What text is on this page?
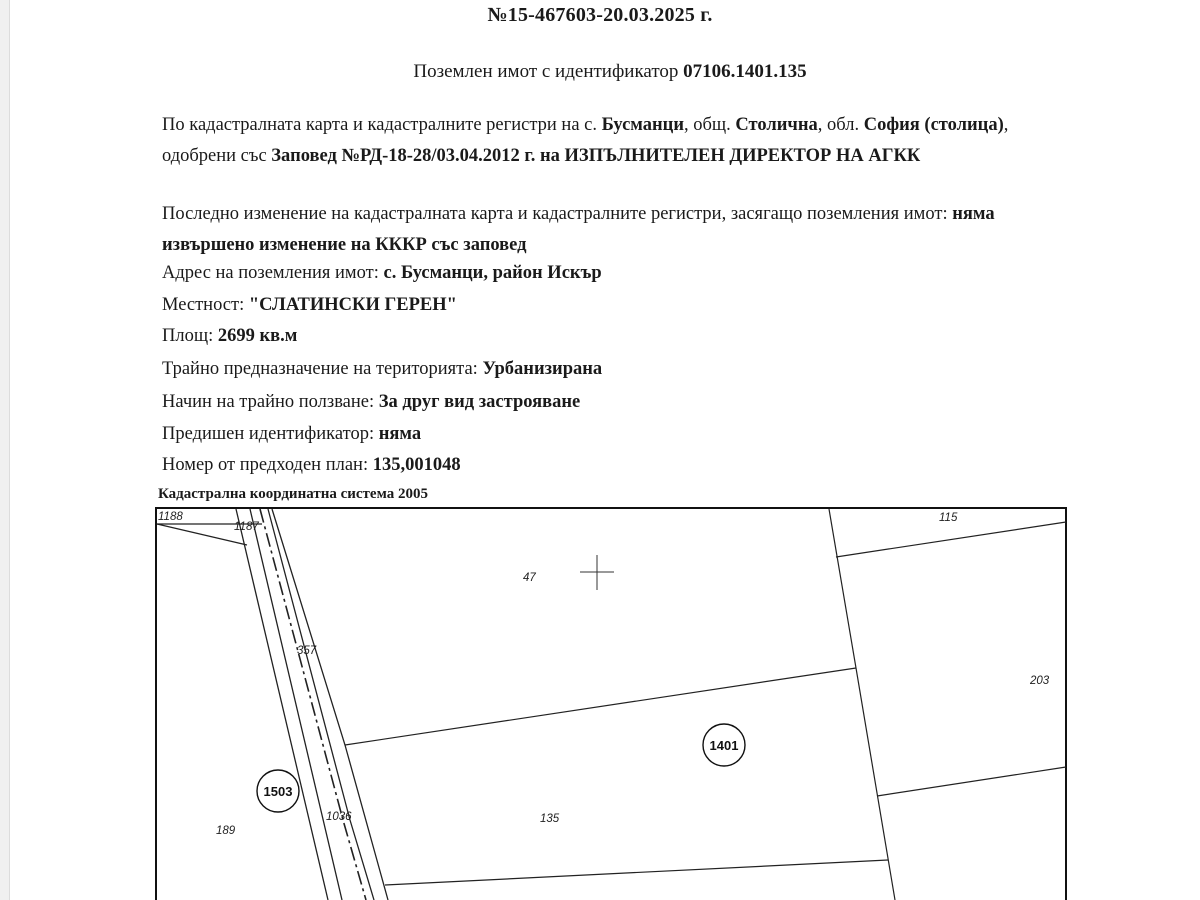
№15-467603-20.03.2025 г.
Поземлен имот с идентификатор 07106.1401.135
По кадастралната карта и кадастралните регистри на с. Бусманци, общ. Столична, обл. София (столица), одобрени със Заповед №РД-18-28/03.04.2012 г. на ИЗПЪЛНИТЕЛЕН ДИРЕКТОР НА АГКК
Последно изменение на кадастралната карта и кадастралните регистри, засягащо поземления имот: няма извършено изменение на КККР със заповед
Адрес на поземления имот: с. Бусманци, район Искър
Местност: "СЛАТИНСКИ ГЕРЕН"
Площ: 2699 кв.м
Трайно предназначение на територията: Урбанизирана
Начин на трайно ползване: За друг вид застрояване
Предишен идентификатор: няма
Номер от предходен план: 135,001048
Кадастрална координатна система 2005
1188
1187
47
115
357
203
1036	135
189
1401
1503
